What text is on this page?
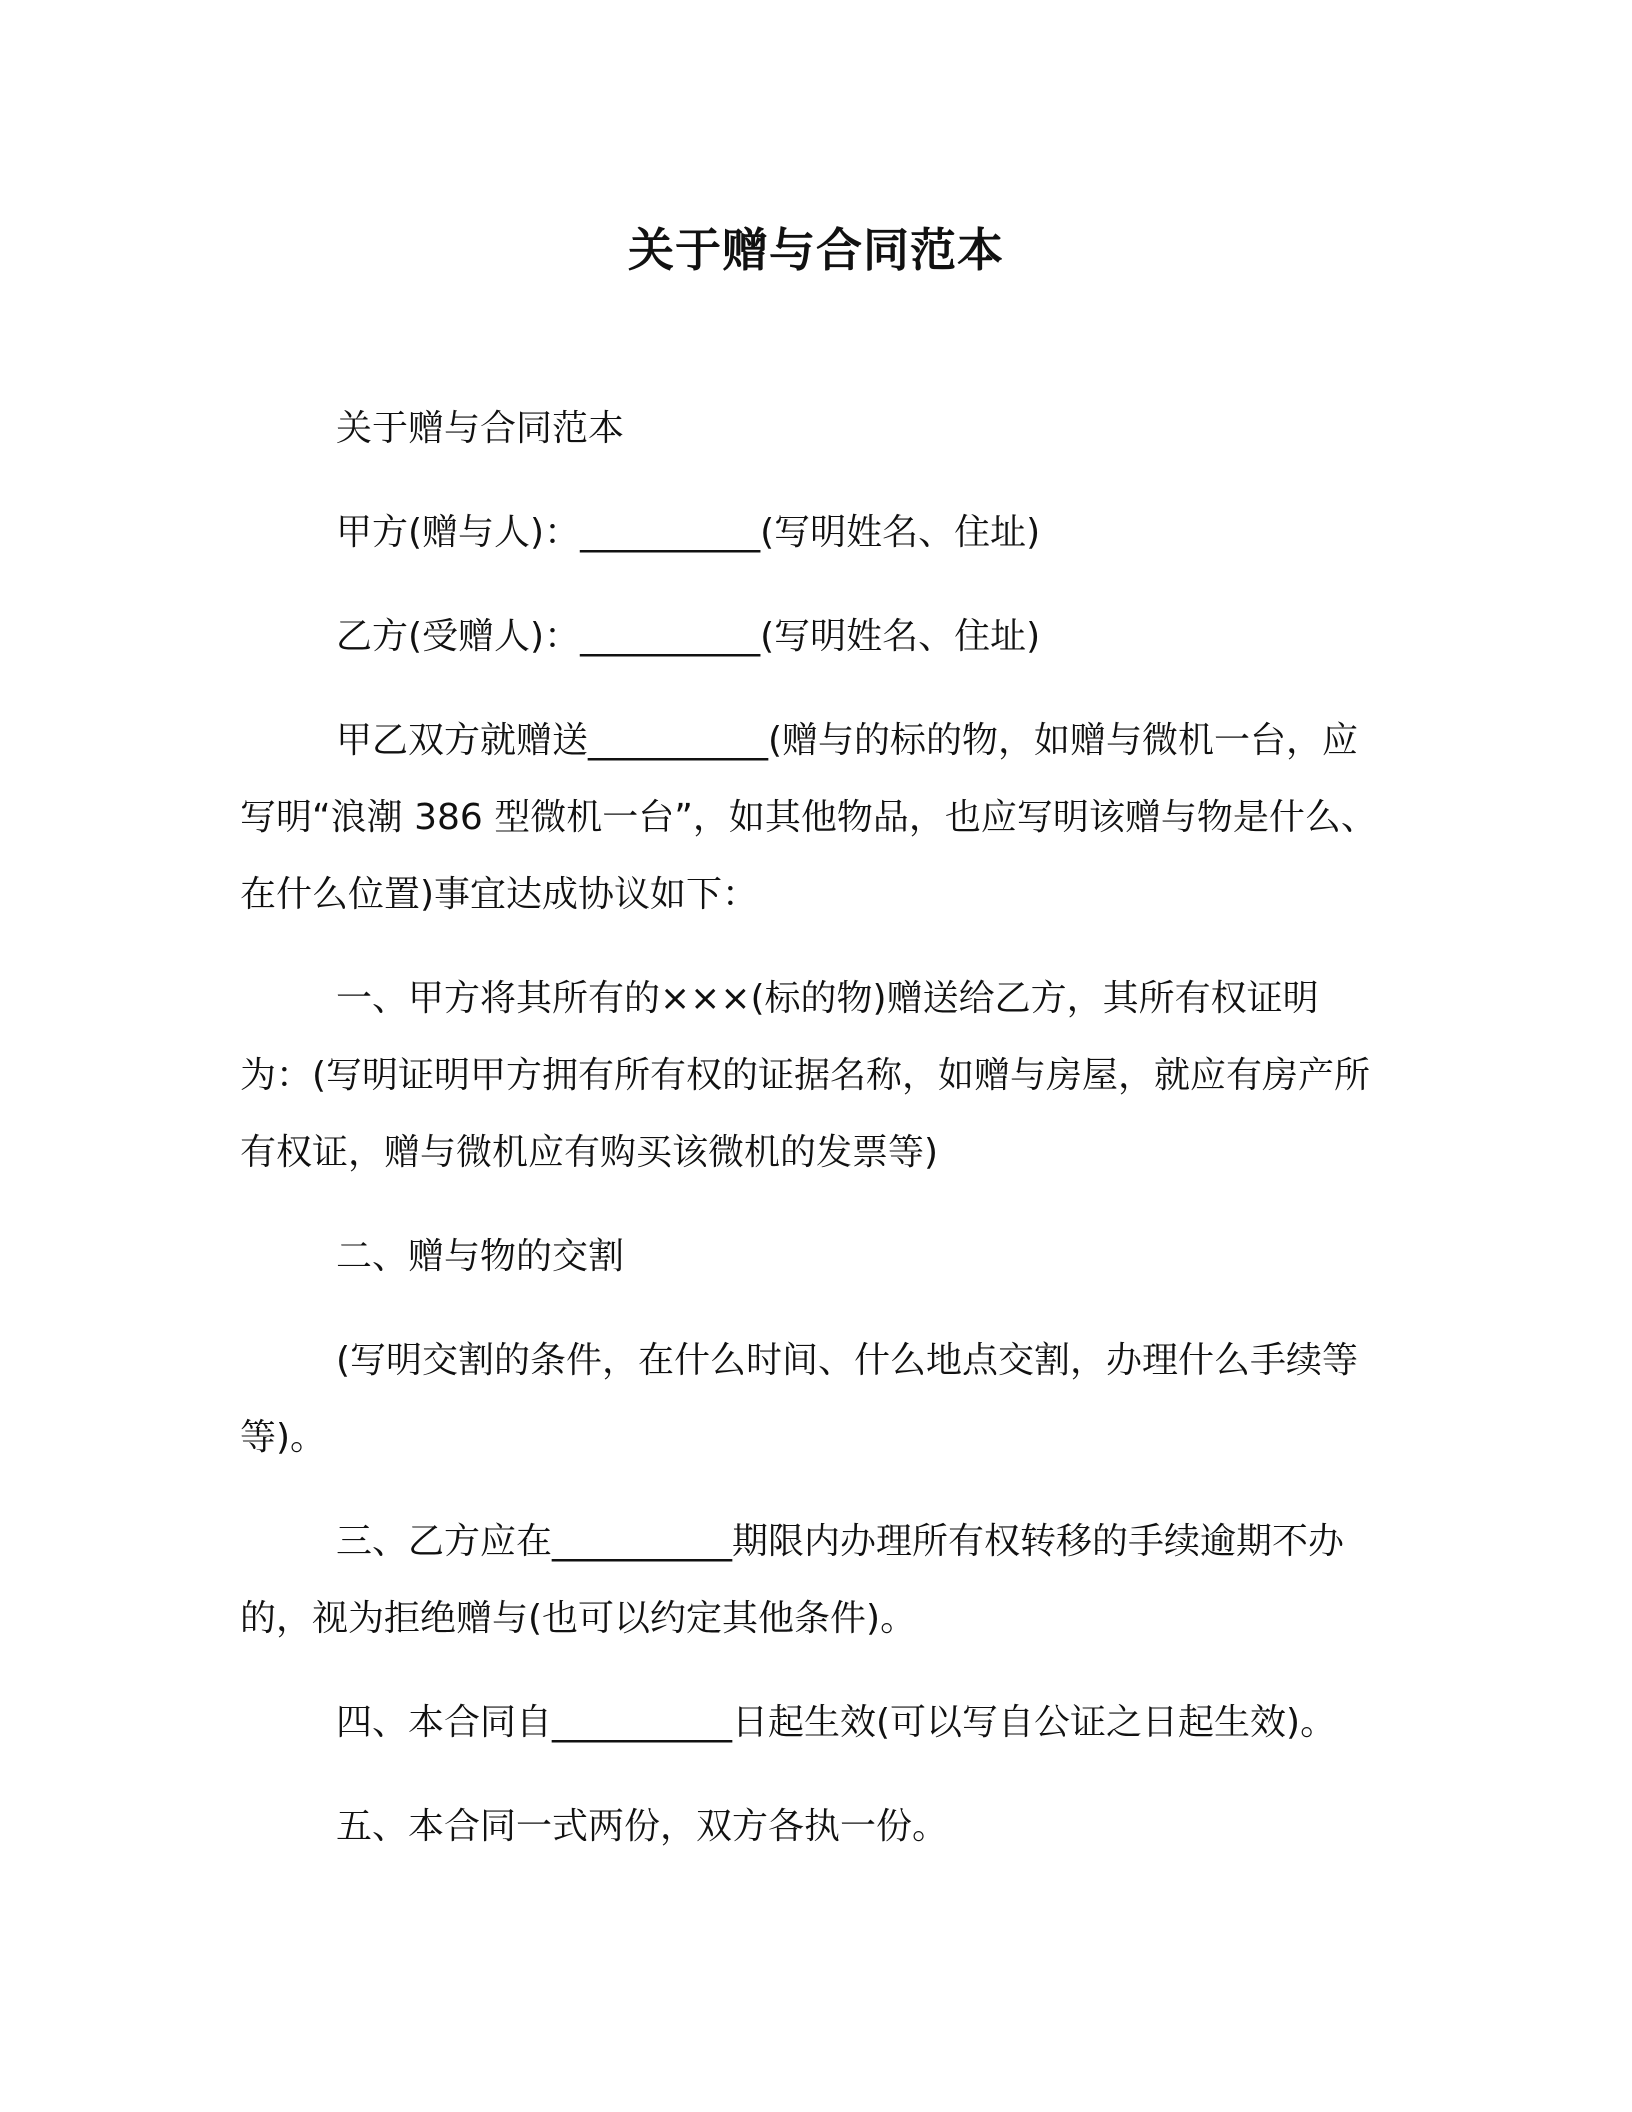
关于赠与合同范本

关于赠与合同范本

甲方(赠与人)：__________(写明姓名、住址)

乙方(受赠人)：__________(写明姓名、住址)

甲乙双方就赠送__________(赠与的标的物，如赠与微机一台，应写明“浪潮 386 型微机一台”，如其他物品，也应写明该赠与物是什么、在什么位置)事宜达成协议如下：

一、甲方将其所有的×××(标的物)赠送给乙方，其所有权证明为：(写明证明甲方拥有所有权的证据名称，如赠与房屋，就应有房产所有权证，赠与微机应有购买该微机的发票等)

二、赠与物的交割

(写明交割的条件，在什么时间、什么地点交割，办理什么手续等等)。

三、乙方应在__________期限内办理所有权转移的手续逾期不办的，视为拒绝赠与(也可以约定其他条件)。

四、本合同自__________日起生效(可以写自公证之日起生效)。

五、本合同一式两份，双方各执一份。
